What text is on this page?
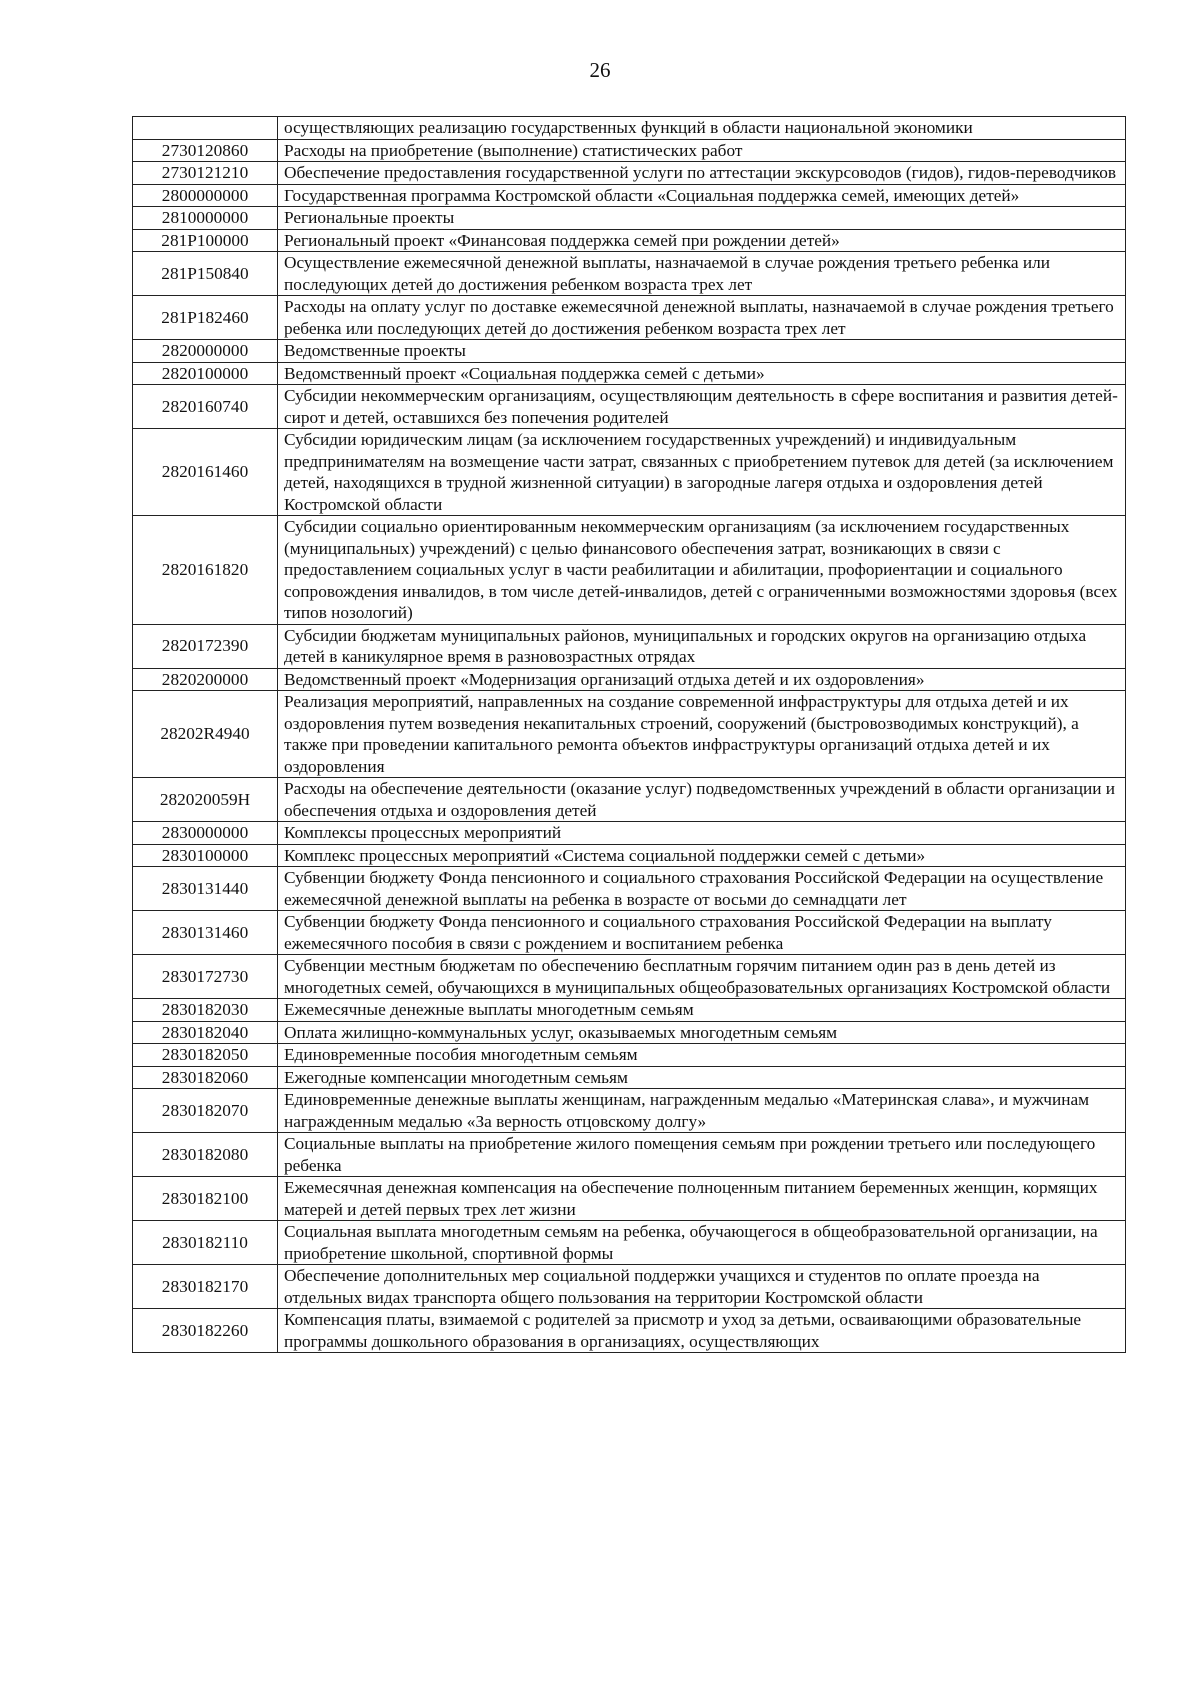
26
	осуществляющих реализацию государственных функций в области национальной экономики
2730120860	Расходы на приобретение (выполнение) статистических работ
2730121210	Обеспечение предоставления государственной услуги по аттестации экскурсоводов (гидов), гидов-переводчиков
2800000000	Государственная программа Костромской области «Социальная поддержка семей, имеющих детей»
2810000000	Региональные проекты
281P100000	Региональный проект «Финансовая поддержка семей при рождении детей»
281P150840	Осуществление ежемесячной денежной выплаты, назначаемой в случае рождения третьего ребенка или последующих детей до достижения ребенком возраста трех лет
281P182460	Расходы на оплату услуг по доставке ежемесячной денежной выплаты, назначаемой в случае рождения третьего ребенка или последующих детей до достижения ребенком возраста трех лет
2820000000	Ведомственные проекты
2820100000	Ведомственный проект «Социальная поддержка семей с детьми»
2820160740	Субсидии некоммерческим организациям, осуществляющим деятельность в сфере воспитания и развития детей-сирот и детей, оставшихся без попечения родителей
2820161460	Субсидии юридическим лицам (за исключением государственных учреждений) и индивидуальным предпринимателям на возмещение части затрат, связанных с приобретением путевок для детей (за исключением детей, находящихся в трудной жизненной ситуации) в загородные лагеря отдыха и оздоровления детей Костромской области
2820161820	Субсидии социально ориентированным некоммерческим организациям (за исключением государственных (муниципальных) учреждений) с целью финансового обеспечения затрат, возникающих в связи с предоставлением социальных услуг в части реабилитации и абилитации, профориентации и социального сопровождения инвалидов, в том числе детей-инвалидов, детей с ограниченными возможностями здоровья (всех типов нозологий)
2820172390	Субсидии бюджетам муниципальных районов, муниципальных и городских округов на организацию отдыха детей в каникулярное время в разновозрастных отрядах
2820200000	Ведомственный проект «Модернизация организаций отдыха детей и их оздоровления»
28202R4940	Реализация мероприятий, направленных на создание современной инфраструктуры для отдыха детей и их оздоровления путем возведения некапитальных строений, сооружений (быстровозводимых конструкций), а также при проведении капитального ремонта объектов инфраструктуры организаций отдыха детей и их оздоровления
282020059Н	Расходы на обеспечение деятельности (оказание услуг) подведомственных учреждений в области организации и обеспечения отдыха и оздоровления детей
2830000000	Комплексы процессных мероприятий
2830100000	Комплекс процессных мероприятий «Система социальной поддержки семей с детьми»
2830131440	Субвенции бюджету Фонда пенсионного и социального страхования Российской Федерации на осуществление ежемесячной денежной выплаты на ребенка в возрасте от восьми до семнадцати лет
2830131460	Субвенции бюджету Фонда пенсионного и социального страхования Российской Федерации на выплату ежемесячного пособия в связи с рождением и воспитанием ребенка
2830172730	Субвенции местным бюджетам по обеспечению бесплатным горячим питанием один раз в день детей из многодетных семей, обучающихся в муниципальных общеобразовательных организациях Костромской области
2830182030	Ежемесячные денежные выплаты многодетным семьям
2830182040	Оплата жилищно-коммунальных услуг, оказываемых многодетным семьям
2830182050	Единовременные пособия многодетным семьям
2830182060	Ежегодные компенсации многодетным семьям
2830182070	Единовременные денежные выплаты женщинам, награжденным медалью «Материнская слава», и мужчинам награжденным медалью «За верность отцовскому долгу»
2830182080	Социальные выплаты на приобретение жилого помещения семьям при рождении третьего или последующего ребенка
2830182100	Ежемесячная денежная компенсация на обеспечение полноценным питанием беременных женщин, кормящих матерей и детей первых трех лет жизни
2830182110	Социальная выплата многодетным семьям на ребенка, обучающегося в общеобразовательной организации, на приобретение школьной, спортивной формы
2830182170	Обеспечение дополнительных мер социальной поддержки учащихся и студентов по оплате проезда на отдельных видах транспорта общего пользования на территории Костромской области
2830182260	Компенсация платы, взимаемой с родителей за присмотр и уход за детьми, осваивающими образовательные программы дошкольного образования в организациях, осуществляющих
